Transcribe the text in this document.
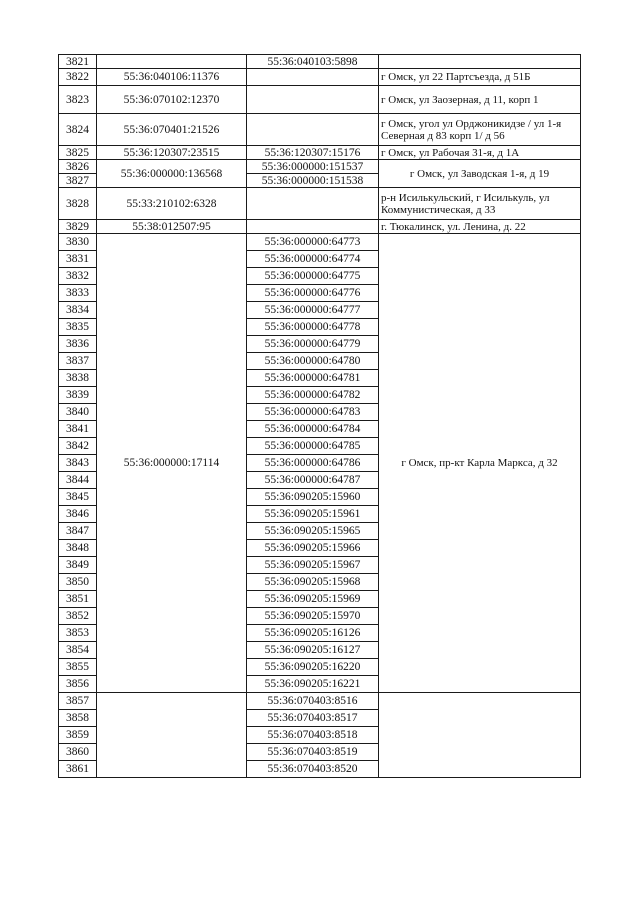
3821		55:36:040103:5898	
3822	55:36:040106:11376		г Омск, ул 22 Партсъезда, д 51Б
3823	55:36:070102:12370		г Омск, ул Заозерная, д 11, корп 1
3824	55:36:070401:21526		г Омск, угол ул Орджоникидзе / ул 1-я Северная д 83 корп 1/ д 56
3825	55:36:120307:23515	55:36:120307:15176	г Омск, ул Рабочая 31-я, д 1А
3826	55:36:000000:136568	55:36:000000:151537	г Омск, ул Заводская 1-я, д 19
3827		55:36:000000:151538	
3828	55:33:210102:6328		р-н Исилькульский, г Исилькуль, ул Коммунистическая, д 33
3829	55:38:012507:95		г. Тюкалинск, ул. Ленина, д. 22
3830	55:36:000000:17114	55:36:000000:64773	г Омск, пр-кт Карла Маркса, д 32
3831		55:36:000000:64774	
3832		55:36:000000:64775	
3833		55:36:000000:64776	
3834		55:36:000000:64777	
3835		55:36:000000:64778	
3836		55:36:000000:64779	
3837		55:36:000000:64780	
3838		55:36:000000:64781	
3839		55:36:000000:64782	
3840		55:36:000000:64783	
3841		55:36:000000:64784	
3842		55:36:000000:64785	
3843		55:36:000000:64786	
3844		55:36:000000:64787	
3845		55:36:090205:15960	
3846		55:36:090205:15961	
3847		55:36:090205:15965	
3848		55:36:090205:15966	
3849		55:36:090205:15967	
3850		55:36:090205:15968	
3851		55:36:090205:15969	
3852		55:36:090205:15970	
3853		55:36:090205:16126	
3854		55:36:090205:16127	
3855		55:36:090205:16220	
3856		55:36:090205:16221	
3857		55:36:070403:8516	
3858		55:36:070403:8517	
3859		55:36:070403:8518	
3860		55:36:070403:8519	
3861		55:36:070403:8520	
